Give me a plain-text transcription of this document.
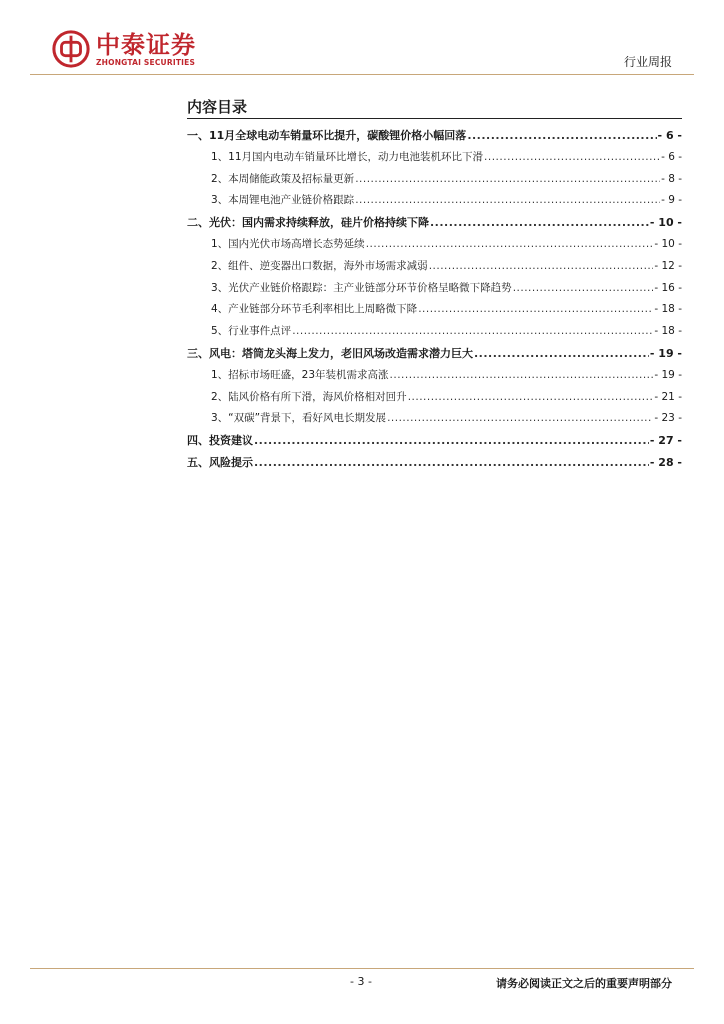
中泰证券
ZHONGTAI SECURITIES	行业周报
内容目录
一、11月全球电动车销量环比提升，碳酸锂价格小幅回落 .....	- 6 -
1、11月国内电动车销量环比增长，动力电池装机环比下滑 .....	- 6 -
2、本周储能政策及招标量更新 .....	- 8 -
3、本周锂电池产业链价格跟踪 .....	- 9 -
二、光伏：国内需求持续释放，硅片价格持续下降 .....	- 10 -
1、国内光伏市场高增长态势延续 .....	- 10 -
2、组件、逆变器出口数据，海外市场需求减弱 .....	- 12 -
3、光伏产业链价格跟踪：主产业链部分环节价格呈略微下降趋势 .....	- 16 -
4、产业链部分环节毛利率相比上周略微下降 .....	- 18 -
5、行业事件点评 .....	- 18 -
三、风电：塔筒龙头海上发力，老旧风场改造需求潜力巨大 .....	- 19 -
1、招标市场旺盛，23年装机需求高涨 .....	- 19 -
2、陆风价格有所下滑，海风价格相对回升 .....	- 21 -
3、“双碳”背景下，看好风电长期发展 .....	- 23 -
四、投资建议 .....	- 27 -
五、风险提示 .....	- 28 -
- 3 -	请务必阅读正文之后的重要声明部分
